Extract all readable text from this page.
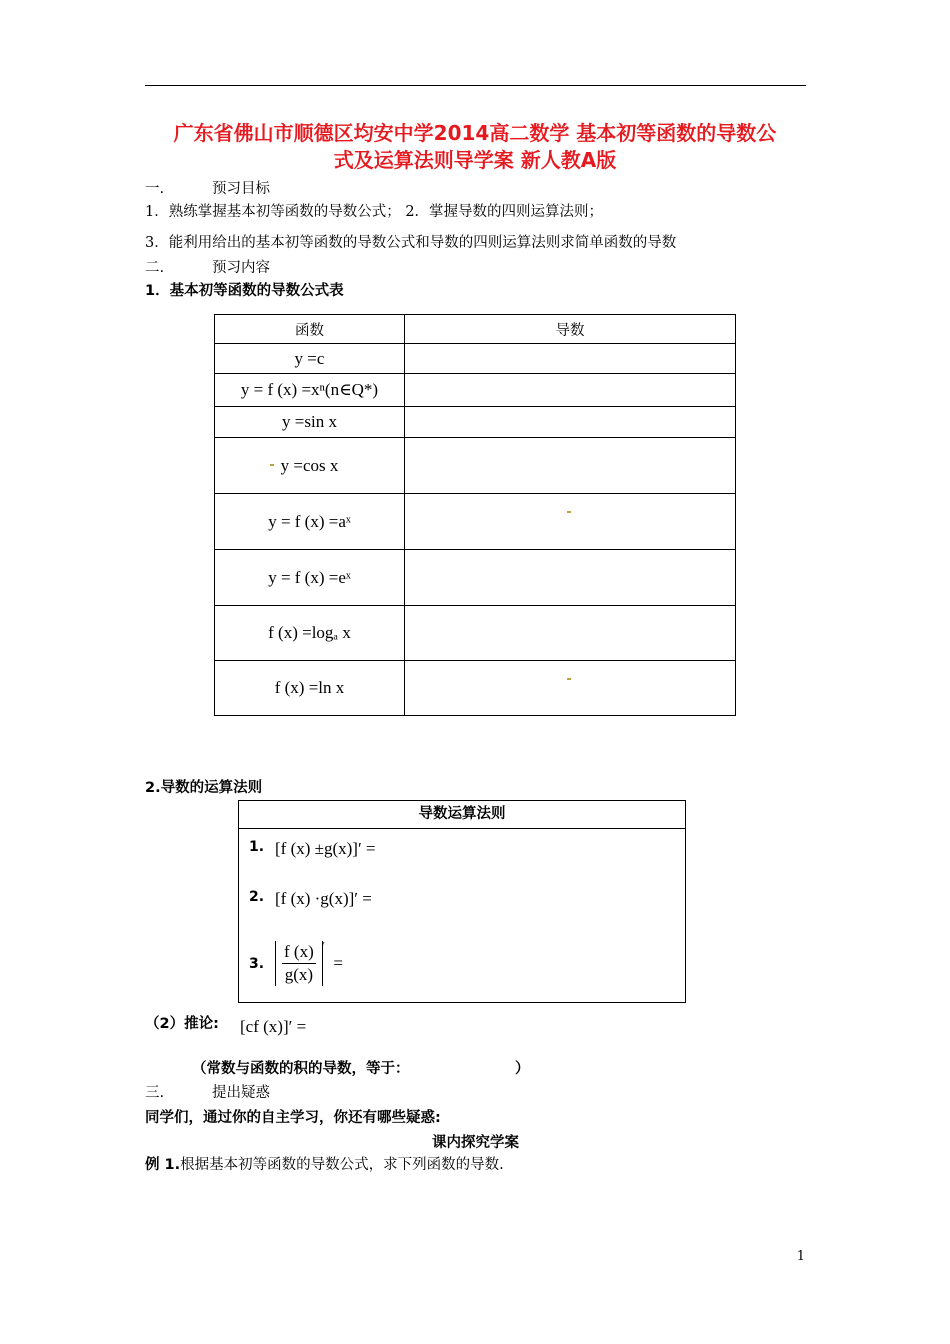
广东省佛山市顺德区均安中学2014高二数学 基本初等函数的导数公
式及运算法则导学案 新人教A版
一.	预习目标
1．熟练掌握基本初等函数的导数公式； 2．掌握导数的四则运算法则；
3．能利用给出的基本初等函数的导数公式和导数的四则运算法则求简单函数的导数
二.	预习内容
1．基本初等函数的导数公式表
函数	导数
y =c	
y = f (x) =xⁿ(n∈Q*)	
y =sin x	
y =cos x	
y = f (x) =aˣ	
y = f (x) =eˣ	
f (x) =logₐ x	
f (x) =ln x	
2.导数的运算法则
导数运算法则
1. [f (x) ±g(x)]′ =
2. [f (x) ·g(x)]′ =
3. $\frac{f (x)}{g(x)} '$  =
（2）推论: [cf (x)]′ =
（常数与函数的积的导数，等于：	）
三.	提出疑惑
同学们，通过你的自主学习，你还有哪些疑惑:
课内探究学案
例 1.根据基本初等函数的导数公式，求下列函数的导数.
1
